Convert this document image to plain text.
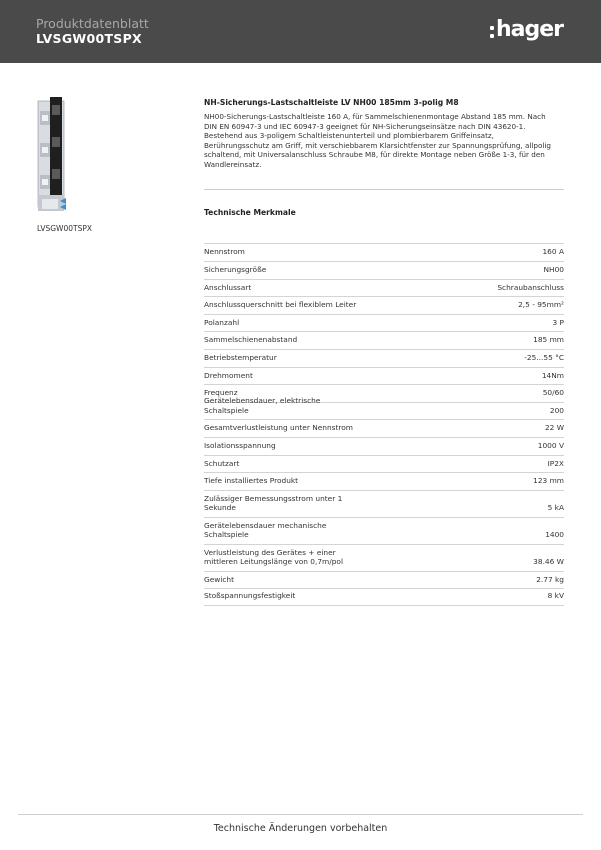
Produktdatenblatt
LVSGW00TSPX	hager
LVSGW00TSPX
NH-Sicherungs-Lastschaltleiste LV NH00 185mm 3-polig M8
NH00-Sicherungs-Lastschaltleiste 160 A, für Sammelschienenmontage Abstand 185 mm. Nach DIN EN 60947-3 und IEC 60947-3 geeignet für NH-Sicherungseinsätze nach DIN 43620-1. Bestehend aus 3-poligem Schaltleistenunterteil und plombierbarem Griffeinsatz, Berührungsschutz am Griff, mit verschiebbarem Klarsichtfenster zur Spannungsprüfung, allpolig schaltend, mit Universalanschluss Schraube M8, für direkte Montage neben Größe 1-3, für den Wandlereinsatz.
Technische Merkmale
Nennstrom	160 A
Sicherungsgröße	NH00
Anschlussart	Schraubanschluss
Anschlussquerschnitt bei flexiblem Leiter	2,5 - 95mm²
Polanzahl	3 P
Sammelschienenabstand	185 mm
Betriebstemperatur	-25...55 °C
Drehmoment	14Nm
Frequenz	50/60
Gerätelebensdauer, elektrische Schaltspiele	200
Gesamtverlustleistung unter Nennstrom	22 W
Isolationsspannung	1000 V
Schutzart	IP2X
Tiefe installiertes Produkt	123 mm
Zulässiger Bemessungsstrom unter 1 Sekunde	5 kA
Gerätelebensdauer mechanische Schaltspiele	1400
Verlustleistung des Gerätes + einer mittleren Leitungslänge von 0,7m/pol	38.46 W
Gewicht	2.77 kg
Stoßspannungsfestigkeit	8 kV
Technische Änderungen vorbehalten
